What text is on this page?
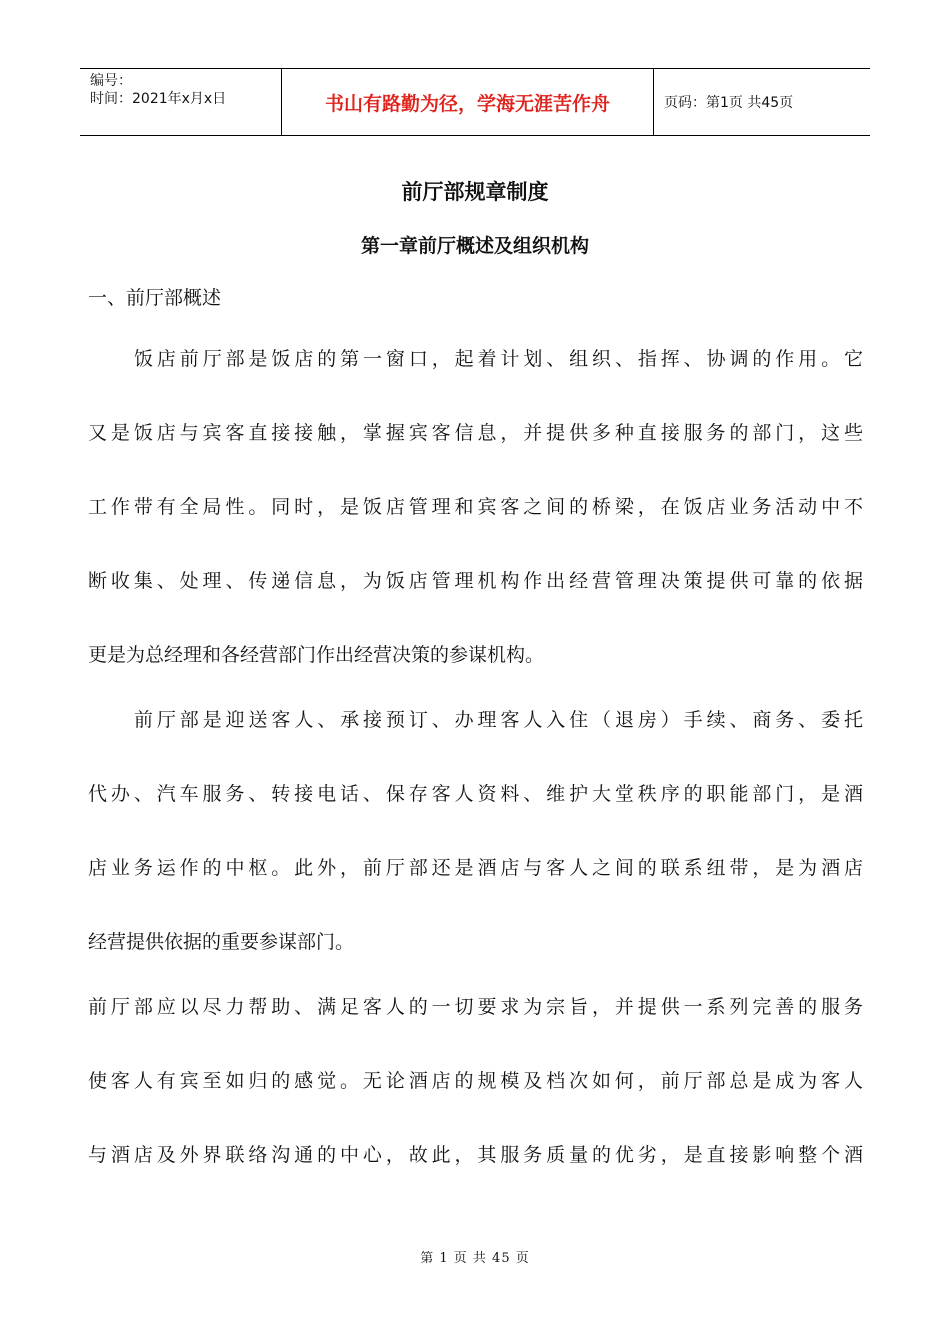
编号：
时间：2021年x月x日	书山有路勤为径，学海无涯苦作舟	页码：第1页 共45页
前厅部规章制度
第一章前厅概述及组织机构
一、前厅部概述
饭店前厅部是饭店的第一窗口，起着计划、组织、指挥、协调的作用。它
又是饭店与宾客直接接触，掌握宾客信息，并提供多种直接服务的部门，这些
工作带有全局性。同时，是饭店管理和宾客之间的桥梁，在饭店业务活动中不
断收集、处理、传递信息，为饭店管理机构作出经营管理决策提供可靠的依据
更是为总经理和各经营部门作出经营决策的参谋机构。
前厅部是迎送客人、承接预订、办理客人入住（退房）手续、商务、委托
代办、汽车服务、转接电话、保存客人资料、维护大堂秩序的职能部门，是酒
店业务运作的中枢。此外，前厅部还是酒店与客人之间的联系纽带，是为酒店
经营提供依据的重要参谋部门。
前厅部应以尽力帮助、满足客人的一切要求为宗旨，并提供一系列完善的服务
使客人有宾至如归的感觉。无论酒店的规模及档次如何，前厅部总是成为客人
与酒店及外界联络沟通的中心，故此，其服务质量的优劣，是直接影响整个酒
第 1 页 共 45 页
